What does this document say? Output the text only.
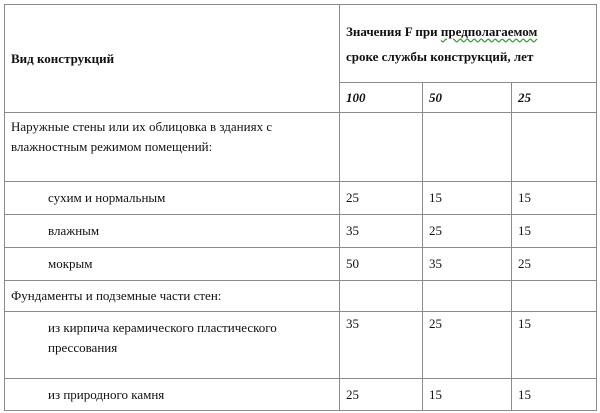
Вид конструкций	Значения F при предполагаемом
сроке службы конструкций, лет		

	100	50	25
Наружные стены или их облицовка в зданиях с влажностным режимом помещений:			
сухим и нормальным	25	15	15
влажным	35	25	15
мокрым	50	35	25
Фундаменты и подземные части стен:			
из кирпича керамического пластического прессования	35	25	15
из природного камня	25	15	15
